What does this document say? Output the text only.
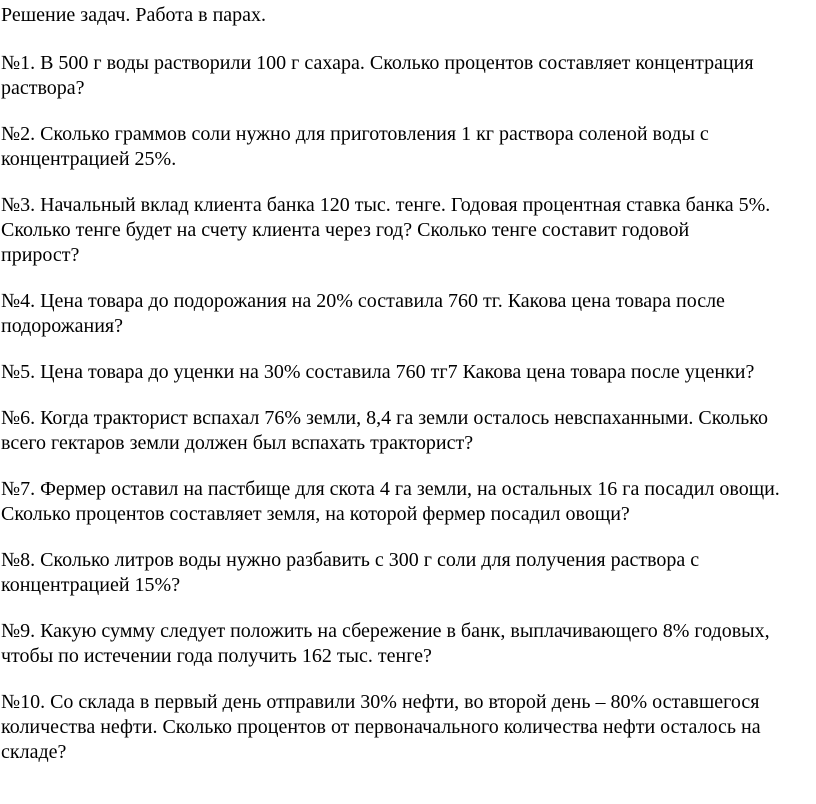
Решение задач. Работа в парах.
№1. В 500 г воды растворили 100 г сахара. Сколько процентов составляет концентрация
раствора?
№2. Сколько граммов соли нужно для приготовления 1 кг раствора соленой воды с
концентрацией 25%.
№3. Начальный вклад клиента банка 120 тыс. тенге. Годовая процентная ставка банка 5%.
Сколько тенге будет на счету клиента через год? Сколько тенге составит годовой
прирост?
№4. Цена товара до подорожания на 20% составила 760 тг. Какова цена товара после
подорожания?
№5. Цена товара до уценки на 30% составила 760 тг7 Какова цена товара после уценки?
№6. Когда тракторист вспахал 76% земли, 8,4 га земли осталось невспаханными. Сколько
всего гектаров земли должен был вспахать тракторист?
№7. Фермер оставил на пастбище для скота 4 га земли, на остальных 16 га посадил овощи.
Сколько процентов составляет земля, на которой фермер посадил овощи?
№8. Сколько литров воды нужно разбавить с 300 г соли для получения раствора с
концентрацией 15%?
№9. Какую сумму следует положить на сбережение в банк, выплачивающего 8% годовых,
чтобы по истечении года получить 162 тыс. тенге?
№10. Со склада в первый день отправили 30% нефти, во второй день – 80% оставшегося
количества нефти. Сколько процентов от первоначального количества нефти осталось на
складе?
